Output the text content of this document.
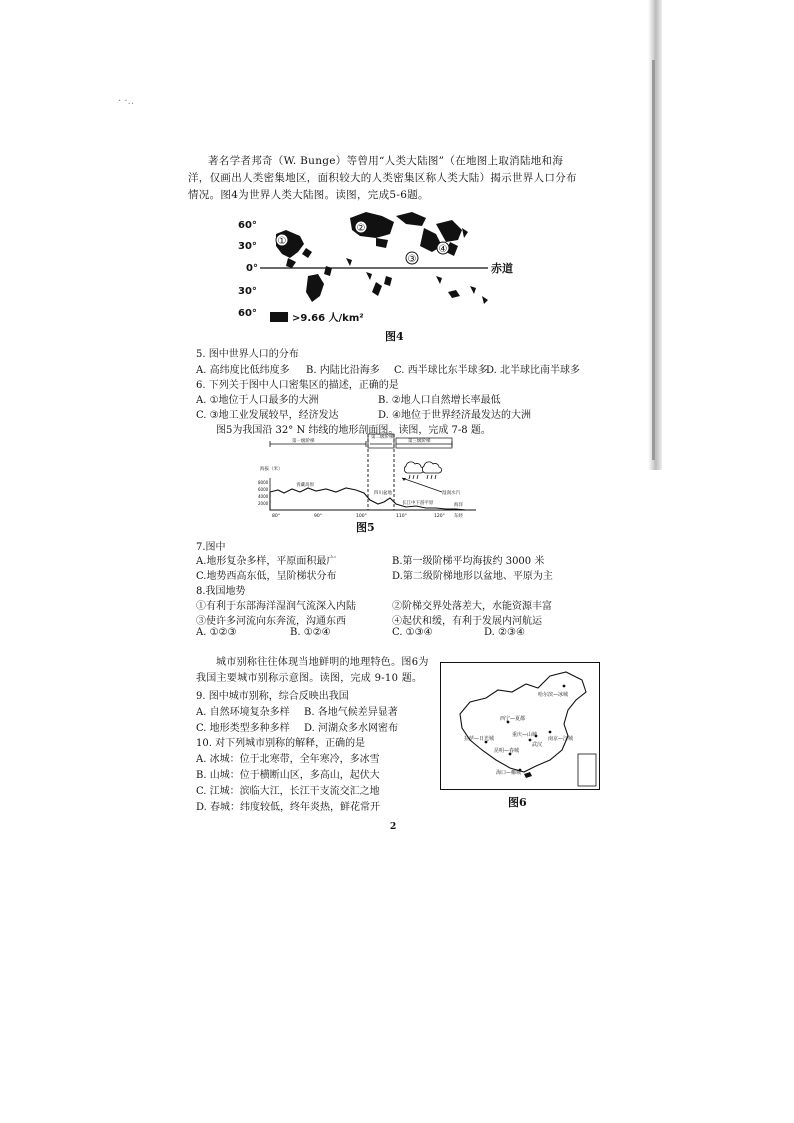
· ·‥
著名学者邦奇（W. Bunge）等曾用“人类大陆图”（在地图上取消陆地和海洋，仅画出人类密集地区，面积较大的人类密集区称人类大陆）揭示世界人口分布情况。图4为世界人类大陆图。读图，完成5-6题。
60°
30°
0°
30°
60°
赤道
①
②
③
④
>9.66 人/km²
图4
5. 图中世界人口的分布
A. 高纬度比低纬度多 B. 内陆比沿海多 C. 西半球比东半球多
D. 北半球比南半球多
6. 下列关于图中人口密集区的描述，正确的是
A. ①地位于人口最多的大洲	B. ②地人口自然增长率最低
C. ③地工业发展较早，经济发达	D. ④地位于世界经济最发达的大洲
图5为我国沿 32° N 纬线的地形剖面图。读图，完成 7-8 题。
第一级阶梯
第二级阶梯
第三级阶梯
海拔（米）
8000
6000
4000
2000
青藏高原
四川盆地
长江中下游平原
湿润水汽
海洋
80°	90°	100°	110°	120° 东经
图5
7.图中
A.地形复杂多样，平原面积最广	B.第一级阶梯平均海拔约 3000 米
C.地势西高东低，呈阶梯状分布	D.第二级阶梯地形以盆地、平原为主
8.我国地势
①有利于东部海洋湿润气流深入内陆	②阶梯交界处落差大，水能资源丰富
③使许多河流向东奔流，沟通东西	④起伏和缓，有利于发展内河航运
A. ①②③	B. ①②④	C. ①③④	D. ②③④
城市别称往往体现当地鲜明的地理特色。图6为我国主要城市别称示意图。读图，完成 9-10 题。
哈尔滨—冰城
西宁—夏都
拉萨—日光城
重庆—山城
南京—江城
昆明—春城
武汉
海口—椰城
图6
9. 图中城市别称，综合反映出我国
A. 自然环境复杂多样 B. 各地气候差异显著
C. 地形类型多种多样 D. 河湖众多水网密布
10. 对下列城市别称的解释，正确的是
A. 冰城：位于北寒带，全年寒冷，多冰雪
B. 山城：位于横断山区，多高山，起伏大
C. 江城：滨临大江，长江干支流交汇之地
D. 春城：纬度较低，终年炎热，鲜花常开
2
